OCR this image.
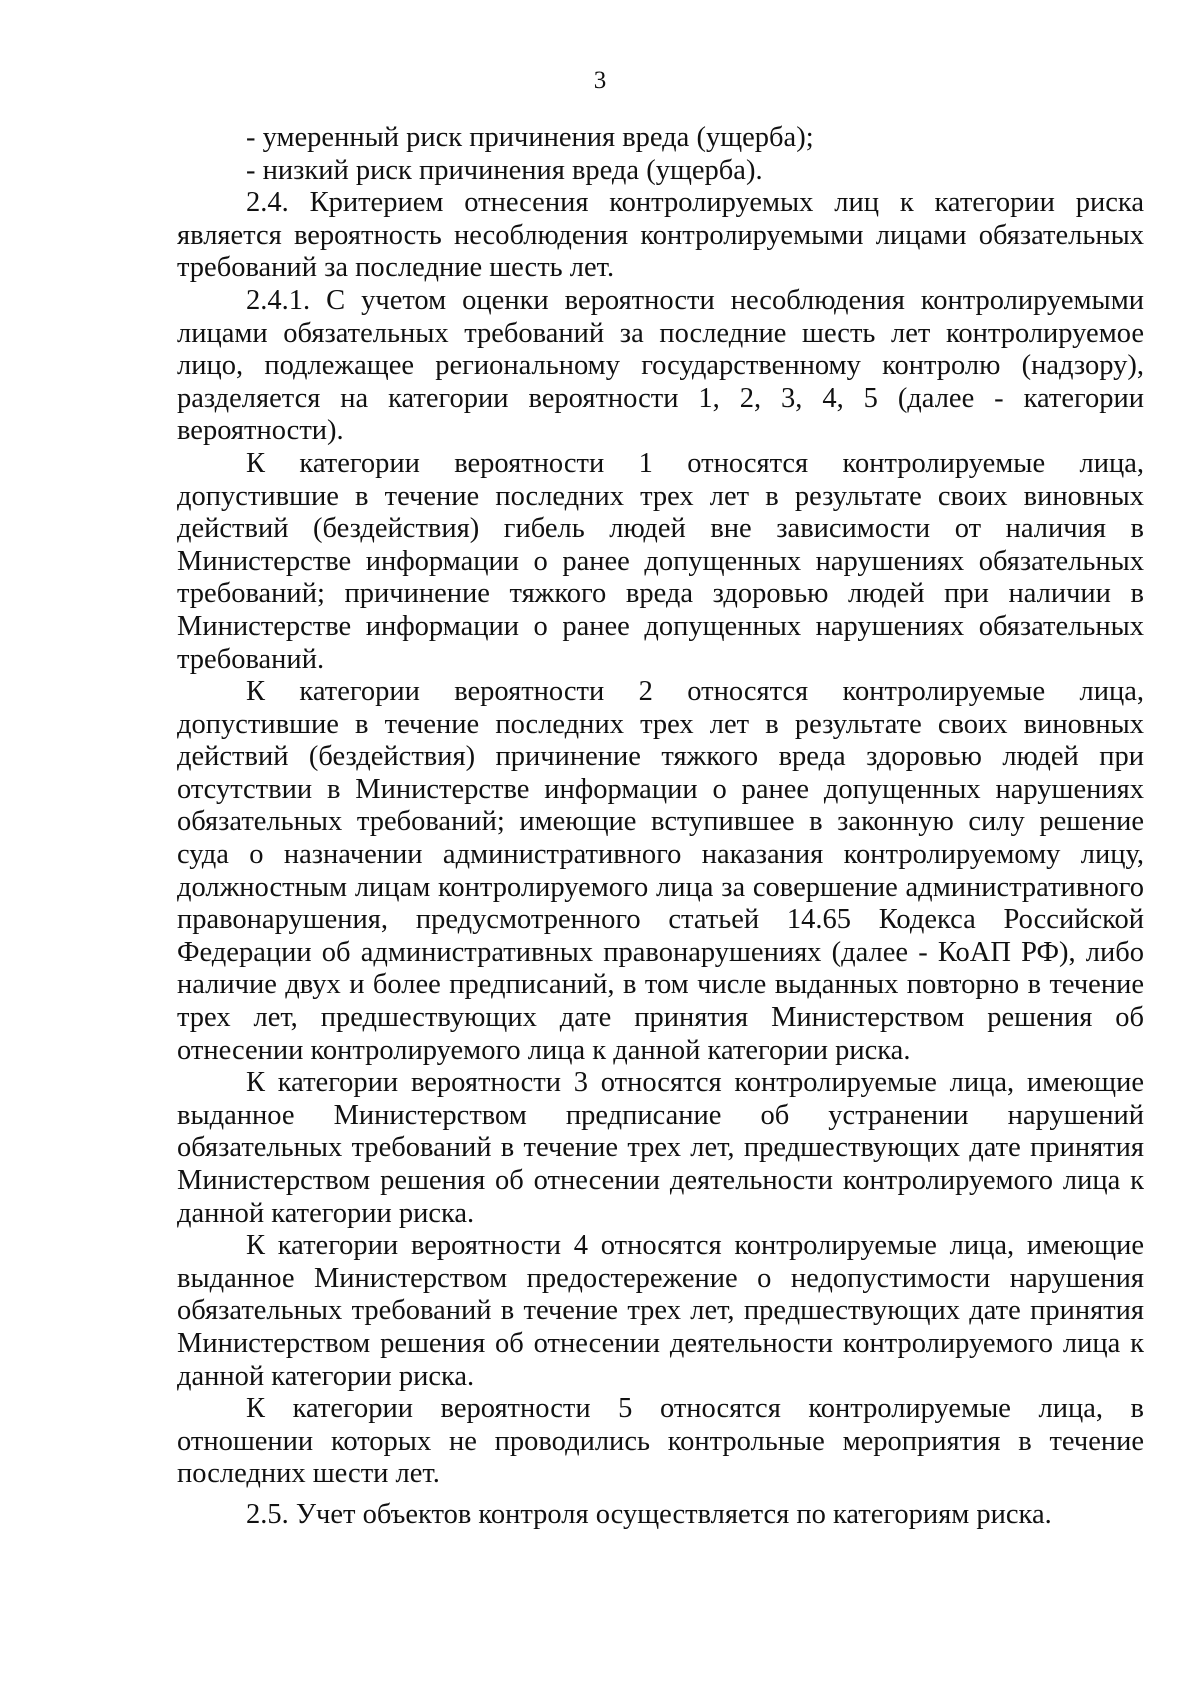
3

- умеренный риск причинения вреда (ущерба);

- низкий риск причинения вреда (ущерба).

2.4. Критерием отнесения контролируемых лиц к категории риска является вероятность несоблюдения контролируемыми лицами обязательных требований за последние шесть лет.

2.4.1. С учетом оценки вероятности несоблюдения контролируемыми лицами обязательных требований за последние шесть лет контролируемое лицо, подлежащее региональному государственному контролю (надзору), разделяется на категории вероятности 1, 2, 3, 4, 5 (далее - категории вероятности).

К категории вероятности 1 относятся контролируемые лица, допустившие в течение последних трех лет в результате своих виновных действий (бездействия) гибель людей вне зависимости от наличия в Министерстве информации о ранее допущенных нарушениях обязательных требований; причинение тяжкого вреда здоровью людей при наличии в Министерстве информации о ранее допущенных нарушениях обязательных требований.

К категории вероятности 2 относятся контролируемые лица, допустившие в течение последних трех лет в результате своих виновных действий (бездействия) причинение тяжкого вреда здоровью людей при отсутствии в Министерстве информации о ранее допущенных нарушениях обязательных требований; имеющие вступившее в законную силу решение суда о назначении административного наказания контролируемому лицу, должностным лицам контролируемого лица за совершение административного правонарушения, предусмотренного статьей 14.65 Кодекса Российской Федерации об административных правонарушениях (далее - КоАП РФ), либо наличие двух и более предписаний, в том числе выданных повторно в течение трех лет, предшествующих дате принятия Министерством решения об отнесении контролируемого лица к данной категории риска.

К категории вероятности 3 относятся контролируемые лица, имеющие выданное Министерством предписание об устранении нарушений обязательных требований в течение трех лет, предшествующих дате принятия Министерством решения об отнесении деятельности контролируемого лица к данной категории риска.

К категории вероятности 4 относятся контролируемые лица, имеющие выданное Министерством предостережение о недопустимости нарушения обязательных требований в течение трех лет, предшествующих дате принятия Министерством решения об отнесении деятельности контролируемого лица к данной категории риска.

К категории вероятности 5 относятся контролируемые лица, в отношении которых не проводились контрольные мероприятия в течение последних шести лет.

2.5. Учет объектов контроля осуществляется по категориям риска.
